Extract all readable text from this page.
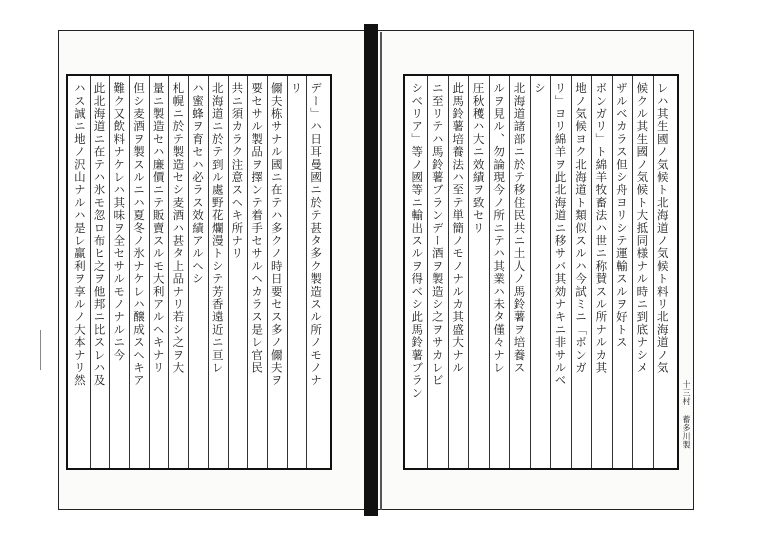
デー」ハ日耳曼國ニ於テ甚タ多ク製造スル所ノモノナ
リ
儞夫栋サナル國ニ在テハ多クノ時日要セス多ノ儞夫ヲ
要セサル製品ヲ擇ンテ着手セサルヘカラス是レ官民
共ニ須カラク注意スヘキ所ナリ
北海道ニ於テ到ル處野花爛漫トシテ芳香遠近ニ亘レ
ハ蜜蜂ヲ育セハ必ラス效績アルヘシ
札幌ニ於テ製造セシ麦酒ハ甚タ上品ナリ若シ之ヲ大
量ニ製造セハ廉價ニテ販賣スルモ大利アルヘキナリ
但シ麦酒ヲ製スルニハ夏冬ノ氷ナケレハ醸成スヘキア
難ク又飲料ナケレハ其味ヲ全セサルモノナルニ今
此北海道ニ在テハ氷モ忽ロ布ヒ之ヲ他邦ニ比スレハ及
ハス誠ニ地ノ沢山ナルハ是レ赢利ヲ享ルノ大本ナリ然	レハ其生國ノ気候ト北海道ノ気候ト料リ北海道ノ気
候クル其生國ノ気候ト大抵同様ナル時ニ到底ナシメ
ザルベカラス但シ舟ヨリシテ運輸スルヲ好トス
ボンガリ」ト綿羊牧畜法ハ世ニ称賛スル所ナルカ其
地ノ気候ヨク北海道ト類似スルハ今試ミニ「ボンガ
リ」ヨリ綿羊ヲ此北海道ニ移サバ其効ナキニ非サルベ
シ
北海道諸部ニ於テ移住民共ニ土人ノ馬鈴薯ヲ培養ス
ルヲ見ル、勿論現今ノ所ニテハ其業ハ未タ僅々ナレ
圧秋穫ハ大ニ效績ヲ致セリ
此馬鈴薯培養法ハ至テ単簡ノモノナルカ其盛大ナル
ニ至リテハ馬鈴薯ブランデー酒ヲ製造シ之ヲサカレビ
シベリア」等ノ國等ニ輸出スルヲ得ベシ此馬鈴薯ブラン
十三村 蓄多川製
